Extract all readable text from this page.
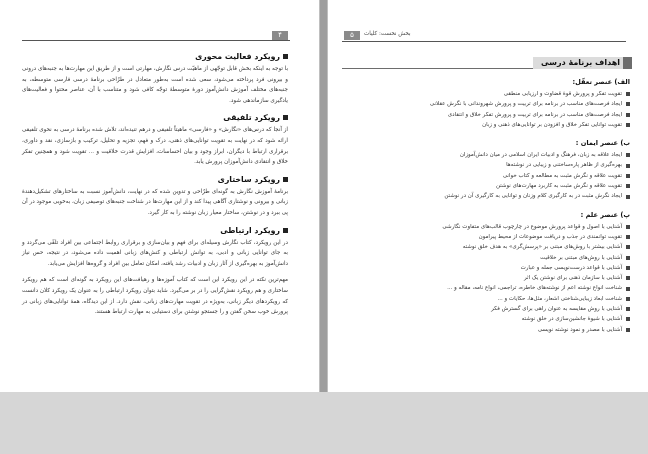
۴
رویکرد فعالیت محوری

با توجه به اینکه بخش قابل توجّهی از ماهیّت درس نگارش، مهارتی است و از طریق این مهارت‌ها به جنبه‌های درونی و بیرونی فرد پرداخته می‌شود، سعی شده است به‌طور متعادل در طرّاحی برنامهٔ درسی فارسی متوسطه، به جنبه‌های مختلف آموزش دانش‌آموز دورهٔ متوسطهٔ توجّه کافی شود و متناسب با آن، عناصر محتوا و فعالیت‌های یادگیری سازماندهی شود.

رویکرد تلفیقی

از آنجا که درس‌های «نگارش» و «فارسی» ماهیتاً تلفیقی و درهم تنیده‌اند، تلاش شده برنامهٔ درسی به نحوی تلفیقی ارائه شود که در نهایت به تقویت توانایی‌های ذهنی، درک و فهم، تجزیه و تحلیل، ترکیب و بازسازی، نقد و داوری، برقراری ارتباط با دیگران، ابراز وجود و بیان احساسات، افزایش قدرت خلاقیت و ... تقویت شود و همچنین تفکر خلاق و انتقادی دانش‌آموزان پرورش یابد.

رویکرد ساختاری

برنامهٔ آموزش نگارش به گونه‌ای طرّاحی و تدوین شده که در نهایت، دانش‌آموز نسبت به ساختارهای تشکیل‌دهندهٔ زبانی و بیرونی و نوشتاری آگاهی پیدا کند و از این مهارت‌ها در شناخت جنبه‌های توصیفی زبان، به‌خوبی موجود در آن پی ببرد و در نوشتن، ساختار معیار زبان نوشته را به کار گیرد.

رویکرد ارتباطی

در این رویکرد، کتاب نگارش وسیله‌ای برای فهم و بیان‌سازی و برقراری روابط اجتماعی بین افراد تلقّی می‌گردد و به جای توانایی زبانی و ادبی، به توانش ارتباطی و کنش‌های زبانی اهمیت داده می‌شود، در نتیجه، حس نیاز دانش‌آموز به بهره‌گیری از آثار زبان و ادبیات رشد یافته، امکان تعامل بین افراد و گروه‌ها افزایش می‌یابد.

مهم‌ترین نکته در این رویکرد این است که کتاب آموزه‌ها و رهیافت‌های این رویکرد به گونه‌ای است که هم رویکرد ساختاری و هم رویکرد نقش‌گرایی را در بر می‌گیرد. شاید بتوان رویکرد ارتباطی را به عنوان یک رویکرد کلان دانست که رویکردهای دیگر زبانی، به‌ویژه در تقویت مهارت‌های زبانی، نقش دارد. از این دیدگاه، همهٔ توانایی‌های زبانی در پرورش خوب سخن گفتن و را جستجو نوشتن برای دستیابی به مهارت ارتباط هستند.

۵	بخش نخست: کلیات
اهداف برنامهٔ درسی
الف) عنصر تعقّل:
تقویت تفکر و پرورش قوهٔ قضاوت و ارزیابی منطقی
ایجاد فرصت‌های مناسب در برنامه برای تربیت و پرورش شهروندانی با نگرش عقلانی
ایجاد فرصت‌های مناسب در برنامه برای تربیت و پرورش تفکر خلاق و انتقادی
تقویت توانایی تفکر خلاق و افزودن بر توانایی‌های ذهنی و زبان
ب) عنصر ایمان :
ایجاد علاقه به زبان، فرهنگ و ادبیات ایران اسلامی در میان دانش‌آموزان
بهره‌گیری از ظاهر پاره‌ساختنی و زیبایی در نوشته‌ها
تقویت علاقه و نگرش مثبت به مطالعه و کتاب خوانی
تقویت علاقه و نگرش مثبت به کاربرد مهارت‌های نوشتن
ایجاد نگرش مثبت در به کارگیری کلام وزنان و توانایی به کارگیری آن در نوشتن
پ) عنصر علم :
آشنایی با اصول و قواعد پرورش موضوع در چارچوب قالب‌های متفاوت نگارشی
تقویت توانمندی در جذب و دریافت موضوعات از محیط پیرامون
آشنایی بیشتر با روش‌های مبتنی بر «پرسش‌گری» به هدف خلق نوشته
آشنایی با روش‌های مبتنی بر خلاقیت
آشنایی با قواعد درست‌نویسی جمله و عبارت
آشنایی با سازمان ذهنی برای نوشتن یک اثر
شناخت انواع نوشته اعم از نوشته‌های خاطره، تراجمی، انواع نامه، مقاله و ...
شناخت ابعاد زیبایی‌شناختی اشعار، مثل‌ها، حکایات و ...
آشنایی با روش مقایسه به عنوان راهی برای گسترش فکر
آشنایی با شیوهٔ جانشین‌سازی در خلق نوشته
آشنایی با مصدر و نمود نوشته نویسی
